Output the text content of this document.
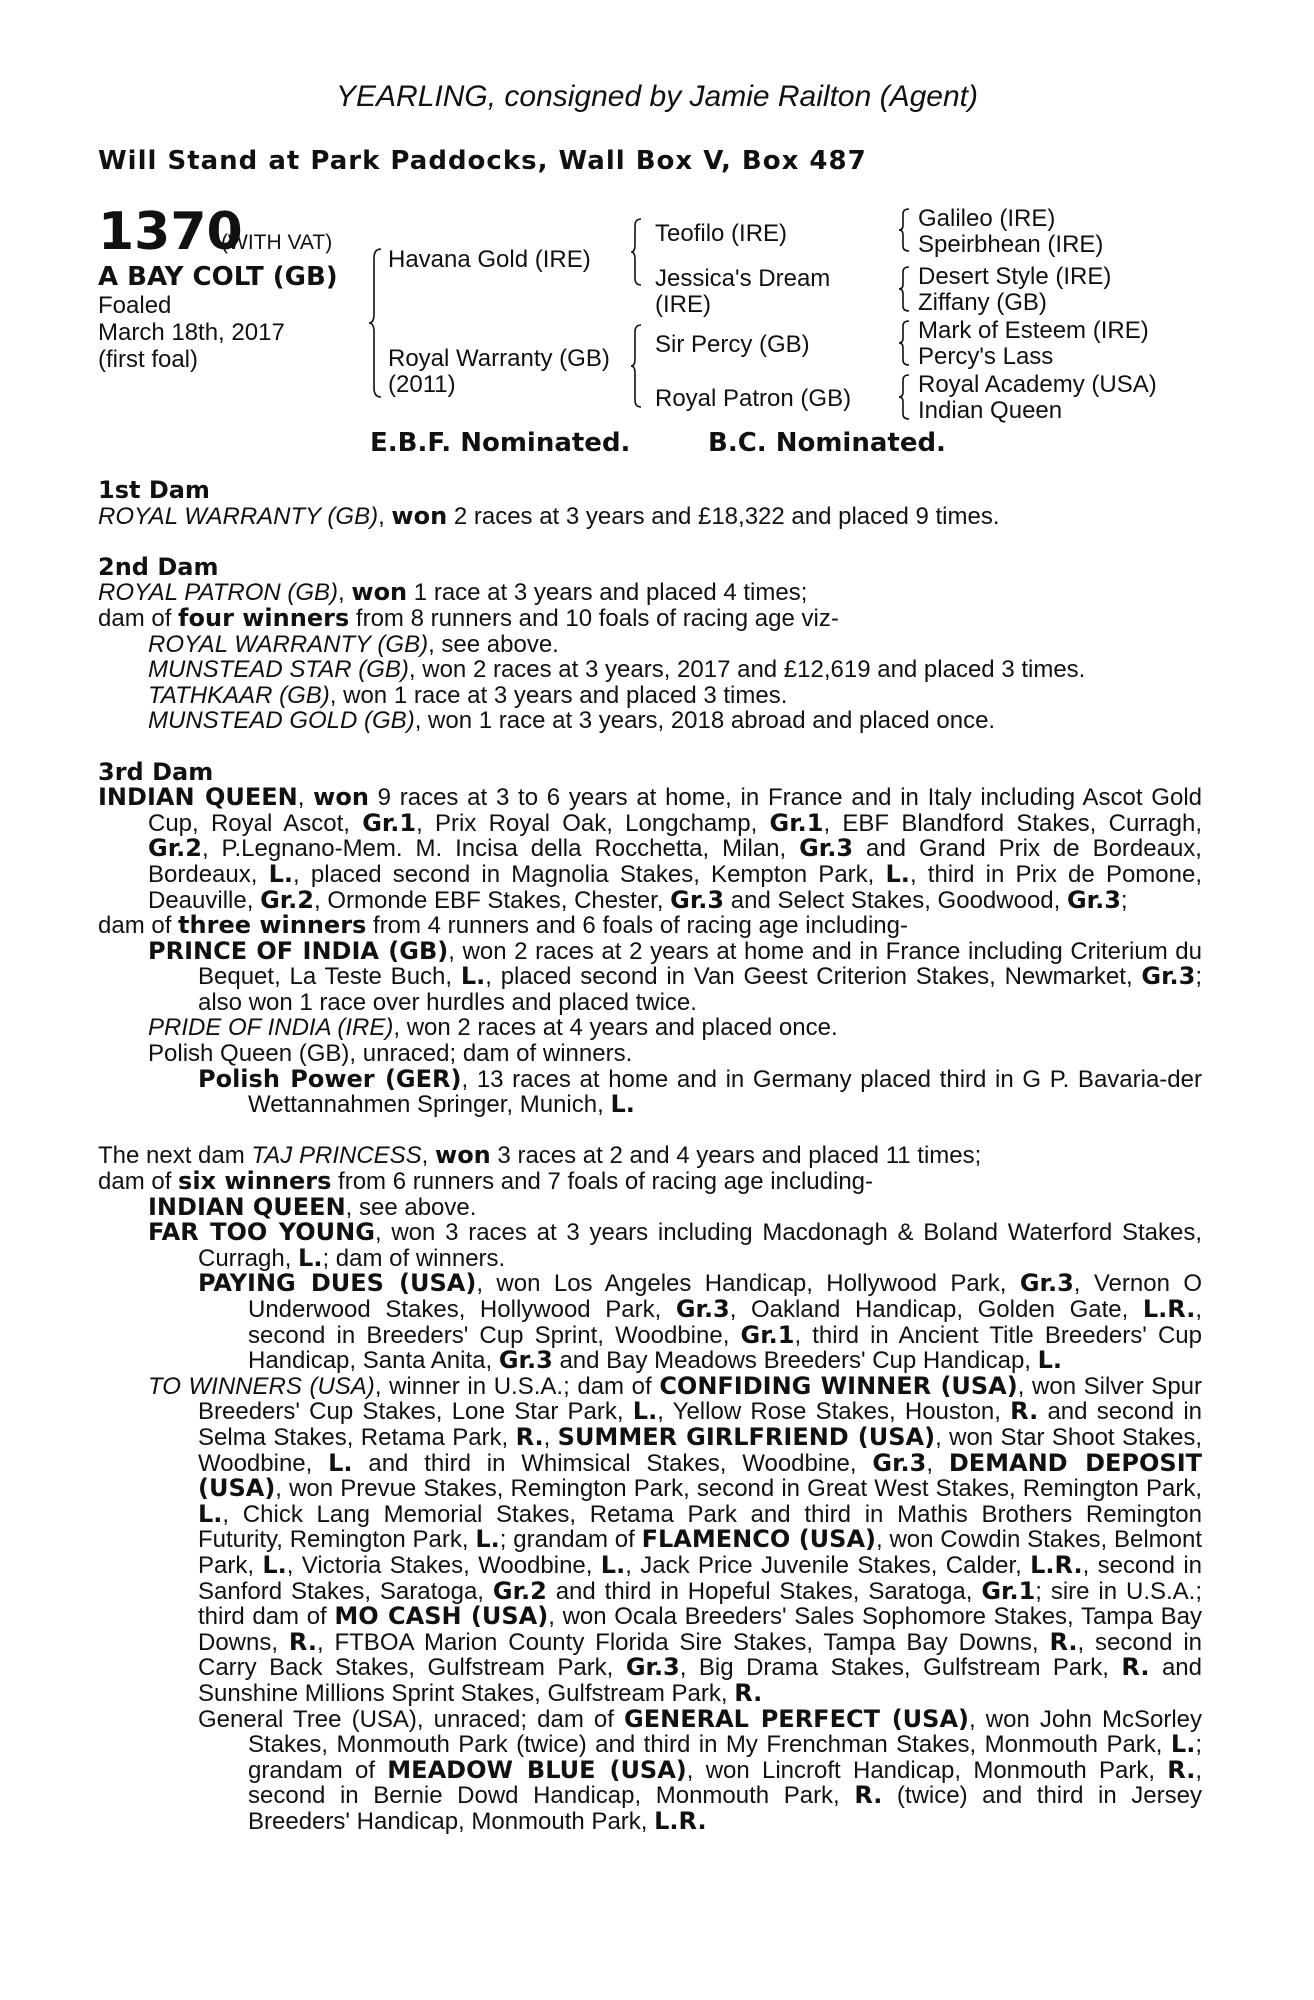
YEARLING, consigned by Jamie Railton (Agent)
Will Stand at Park Paddocks, Wall Box V, Box 487
1370
(WITH VAT)
A BAY COLT (GB)
Foaled
March 18th, 2017
(first foal)
Havana Gold (IRE)
Royal Warranty (GB)
(2011)
Teofilo (IRE)
Jessica's Dream
(IRE)
Sir Percy (GB)
Royal Patron (GB)
Galileo (IRE)
Speirbhean (IRE)
Desert Style (IRE)
Ziffany (GB)
Mark of Esteem (IRE)
Percy's Lass
Royal Academy (USA)
Indian Queen
E.B.F. Nominated.	B.C. Nominated.

1st Dam

ROYAL WARRANTY (GB), won 2 races at 3 years and £18,322 and placed 9 times.

2nd Dam

ROYAL PATRON (GB), won 1 race at 3 years and placed 4 times;

dam of four winners from 8 runners and 10 foals of racing age viz-

ROYAL WARRANTY (GB), see above.

MUNSTEAD STAR (GB), won 2 races at 3 years, 2017 and £12,619 and placed 3 times.

TATHKAAR (GB), won 1 race at 3 years and placed 3 times.

MUNSTEAD GOLD (GB), won 1 race at 3 years, 2018 abroad and placed once.

3rd Dam

INDIAN QUEEN, won 9 races at 3 to 6 years at home, in France and in Italy including Ascot Gold Cup, Royal Ascot, Gr.1, Prix Royal Oak, Longchamp, Gr.1, EBF Blandford Stakes, Curragh, Gr.2, P.Legnano-Mem. M. Incisa della Rocchetta, Milan, Gr.3 and Grand Prix de Bordeaux, Bordeaux, L., placed second in Magnolia Stakes, Kempton Park, L., third in Prix de Pomone, Deauville, Gr.2, Ormonde EBF Stakes, Chester, Gr.3 and Select Stakes, Goodwood, Gr.3;

dam of three winners from 4 runners and 6 foals of racing age including-

PRINCE OF INDIA (GB), won 2 races at 2 years at home and in France including Criterium du Bequet, La Teste Buch, L., placed second in Van Geest Criterion Stakes, Newmarket, Gr.3; also won 1 race over hurdles and placed twice.

PRIDE OF INDIA (IRE), won 2 races at 4 years and placed once.

Polish Queen (GB), unraced; dam of winners.

Polish Power (GER), 13 races at home and in Germany placed third in G P. Bavaria-der Wettannahmen Springer, Munich, L.

The next dam TAJ PRINCESS, won 3 races at 2 and 4 years and placed 11 times;

dam of six winners from 6 runners and 7 foals of racing age including-

INDIAN QUEEN, see above.

FAR TOO YOUNG, won 3 races at 3 years including Macdonagh & Boland Waterford Stakes, Curragh, L.; dam of winners.

PAYING DUES (USA), won Los Angeles Handicap, Hollywood Park, Gr.3, Vernon O Underwood Stakes, Hollywood Park, Gr.3, Oakland Handicap, Golden Gate, L.R., second in Breeders' Cup Sprint, Woodbine, Gr.1, third in Ancient Title Breeders' Cup Handicap, Santa Anita, Gr.3 and Bay Meadows Breeders' Cup Handicap, L.

TO WINNERS (USA), winner in U.S.A.; dam of CONFIDING WINNER (USA), won Silver Spur Breeders' Cup Stakes, Lone Star Park, L., Yellow Rose Stakes, Houston, R. and second in Selma Stakes, Retama Park, R., SUMMER GIRLFRIEND (USA), won Star Shoot Stakes, Woodbine, L. and third in Whimsical Stakes, Woodbine, Gr.3, DEMAND DEPOSIT (USA), won Prevue Stakes, Remington Park, second in Great West Stakes, Remington Park, L., Chick Lang Memorial Stakes, Retama Park and third in Mathis Brothers Remington Futurity, Remington Park, L.; grandam of FLAMENCO (USA), won Cowdin Stakes, Belmont Park, L., Victoria Stakes, Woodbine, L., Jack Price Juvenile Stakes, Calder, L.R., second in Sanford Stakes, Saratoga, Gr.2 and third in Hopeful Stakes, Saratoga, Gr.1; sire in U.S.A.; third dam of MO CASH (USA), won Ocala Breeders' Sales Sophomore Stakes, Tampa Bay Downs, R., FTBOA Marion County Florida Sire Stakes, Tampa Bay Downs, R., second in Carry Back Stakes, Gulfstream Park, Gr.3, Big Drama Stakes, Gulfstream Park, R. and Sunshine Millions Sprint Stakes, Gulfstream Park, R.

General Tree (USA), unraced; dam of GENERAL PERFECT (USA), won John McSorley Stakes, Monmouth Park (twice) and third in My Frenchman Stakes, Monmouth Park, L.; grandam of MEADOW BLUE (USA), won Lincroft Handicap, Monmouth Park, R., second in Bernie Dowd Handicap, Monmouth Park, R. (twice) and third in Jersey Breeders' Handicap, Monmouth Park, L.R.
